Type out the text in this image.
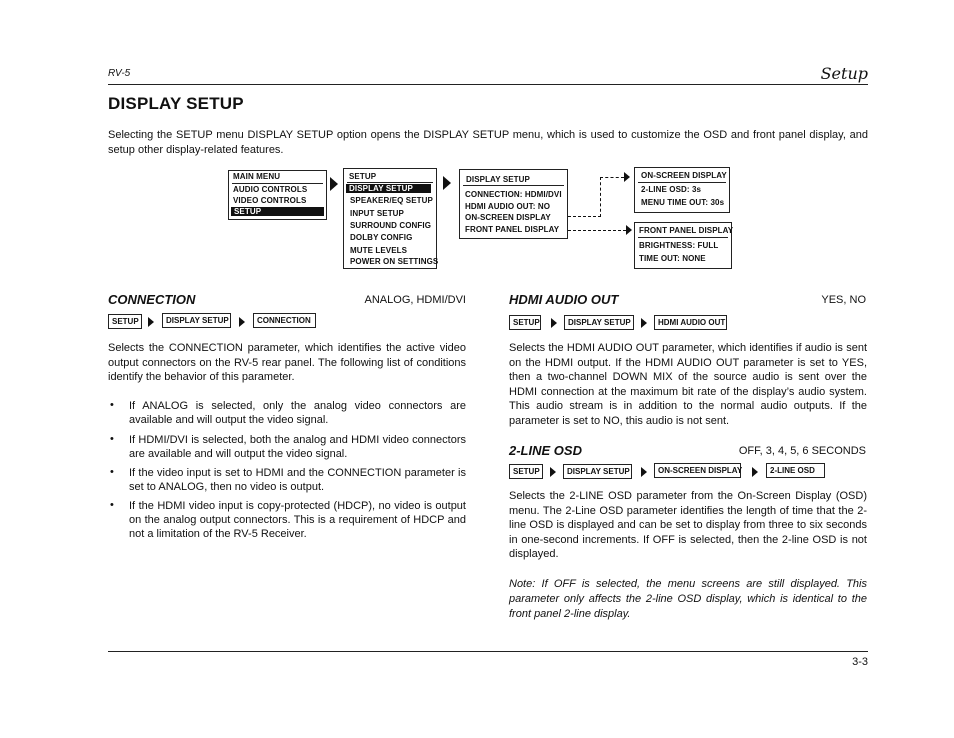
RV-5	Setup
DISPLAY SETUP
Selecting the SETUP menu DISPLAY SETUP option opens the DISPLAY SETUP menu, which is used to customize the OSD and front panel display, and setup other display-related features.
MAIN MENU
AUDIO CONTROLS
VIDEO CONTROLS
SETUP
SETUP
DISPLAY SETUP
SPEAKER/EQ SETUP
INPUT SETUP
SURROUND CONFIG
DOLBY CONFIG
MUTE LEVELS
POWER ON SETTINGS
DISPLAY SETUP
CONNECTION: HDMI/DVI
HDMI AUDIO OUT: NO
ON-SCREEN DISPLAY
FRONT PANEL DISPLAY
ON-SCREEN DISPLAY
2-LINE OSD: 3s
MENU TIME OUT: 30s
FRONT PANEL DISPLAY
BRIGHTNESS: FULL
TIME OUT: NONE
CONNECTION	ANALOG, HDMI/DVI
SETUP	DISPLAY SETUP	CONNECTION
Selects the CONNECTION parameter, which identifies the active video output connectors on the RV-5 rear panel. The following list of conditions identify the behavior of this parameter.
• If ANALOG is selected, only the analog video connectors are available and will output the video signal.
• If HDMI/DVI is selected, both the analog and HDMI video connectors are available and will output the video signal.
• If the video input is set to HDMI and the CONNECTION parameter is set to ANALOG, then no video is output.
• If the HDMI video input is copy-protected (HDCP), no video is output on the analog output connectors. This is a requirement of HDCP and not a limitation of the RV-5 Receiver.
HDMI AUDIO OUT	YES, NO
SETUP	DISPLAY SETUP	HDMI AUDIO OUT
Selects the HDMI AUDIO OUT parameter, which identifies if audio is sent on the HDMI output. If the HDMI AUDIO OUT parameter is set to YES, then a two-channel DOWN MIX of the source audio is sent over the HDMI connection at the maximum bit rate of the display’s audio system. This audio stream is in addition to the normal audio outputs. If the parameter is set to NO, this audio is not sent.
2-LINE OSD	OFF, 3, 4, 5, 6 SECONDS
SETUP	DISPLAY SETUP	ON-SCREEN DISPLAY	2-LINE OSD
Selects the 2-LINE OSD parameter from the On-Screen Display (OSD) menu. The 2-Line OSD parameter identifies the length of time that the 2-line OSD is displayed and can be set to display from three to six seconds in one-second increments. If OFF is selected, then the 2-line OSD is not displayed.
Note: If OFF is selected, the menu screens are still displayed. This parameter only affects the 2-line OSD display, which is identical to the front panel 2-line display.
3-3
